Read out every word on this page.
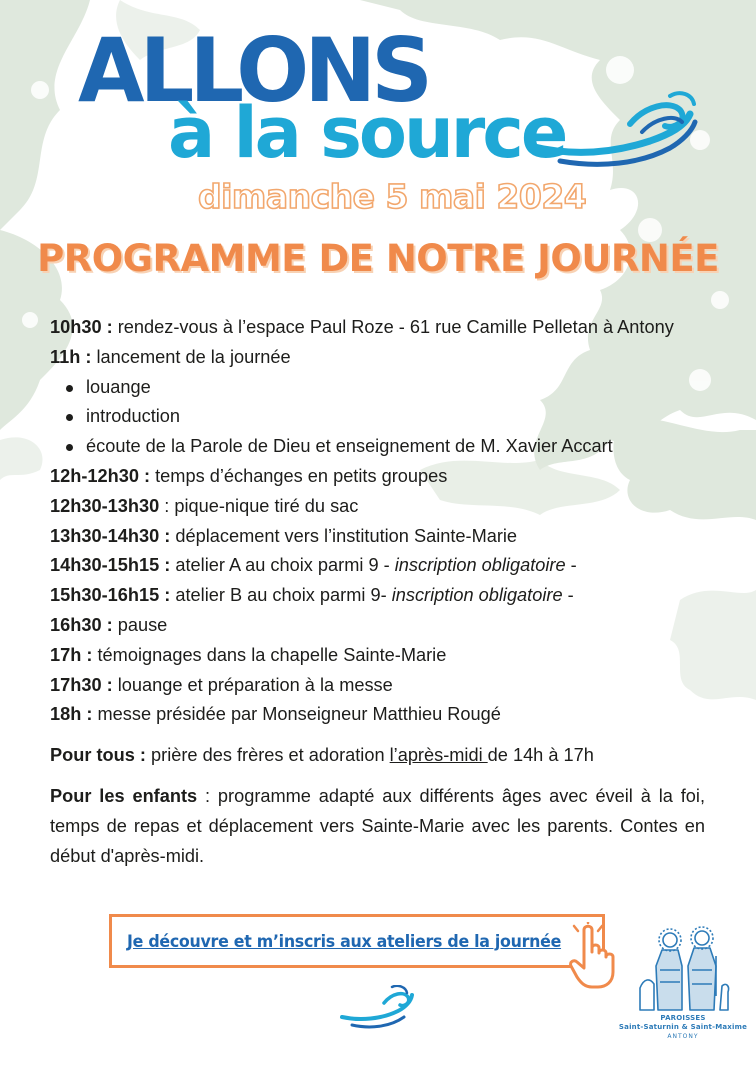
ALLONS
à la source
dimanche 5 mai 2024
PROGRAMME DE NOTRE JOURNÉE

10h30 : rendez-vous à l’espace Paul Roze - 61 rue Camille Pelletan à Antony

11h : lancement de la journée

louange
introduction
écoute de la Parole de Dieu et enseignement de M. Xavier Accart

12h-12h30 : temps d’échanges en petits groupes

12h30-13h30 : pique-nique tiré du sac

13h30-14h30 : déplacement vers l’institution Sainte-Marie

14h30-15h15 : atelier A au choix parmi 9 - inscription obligatoire -

15h30-16h15 : atelier B au choix parmi 9- inscription obligatoire -

16h30 : pause

17h : témoignages dans la chapelle Sainte-Marie

17h30 : louange et préparation à la messe

18h : messe présidée par Monseigneur Matthieu Rougé

Pour tous : prière des frères et adoration l’après-midi de 14h à 17h

Pour les enfants : programme adapté aux différents âges avec éveil à la foi, temps de repas et déplacement vers Sainte-Marie avec les parents. Contes en début d'après-midi.

Je découvre et m’inscris aux ateliers de la journée
PAROISSES
Saint-Saturnin & Saint-Maxime
ANTONY
